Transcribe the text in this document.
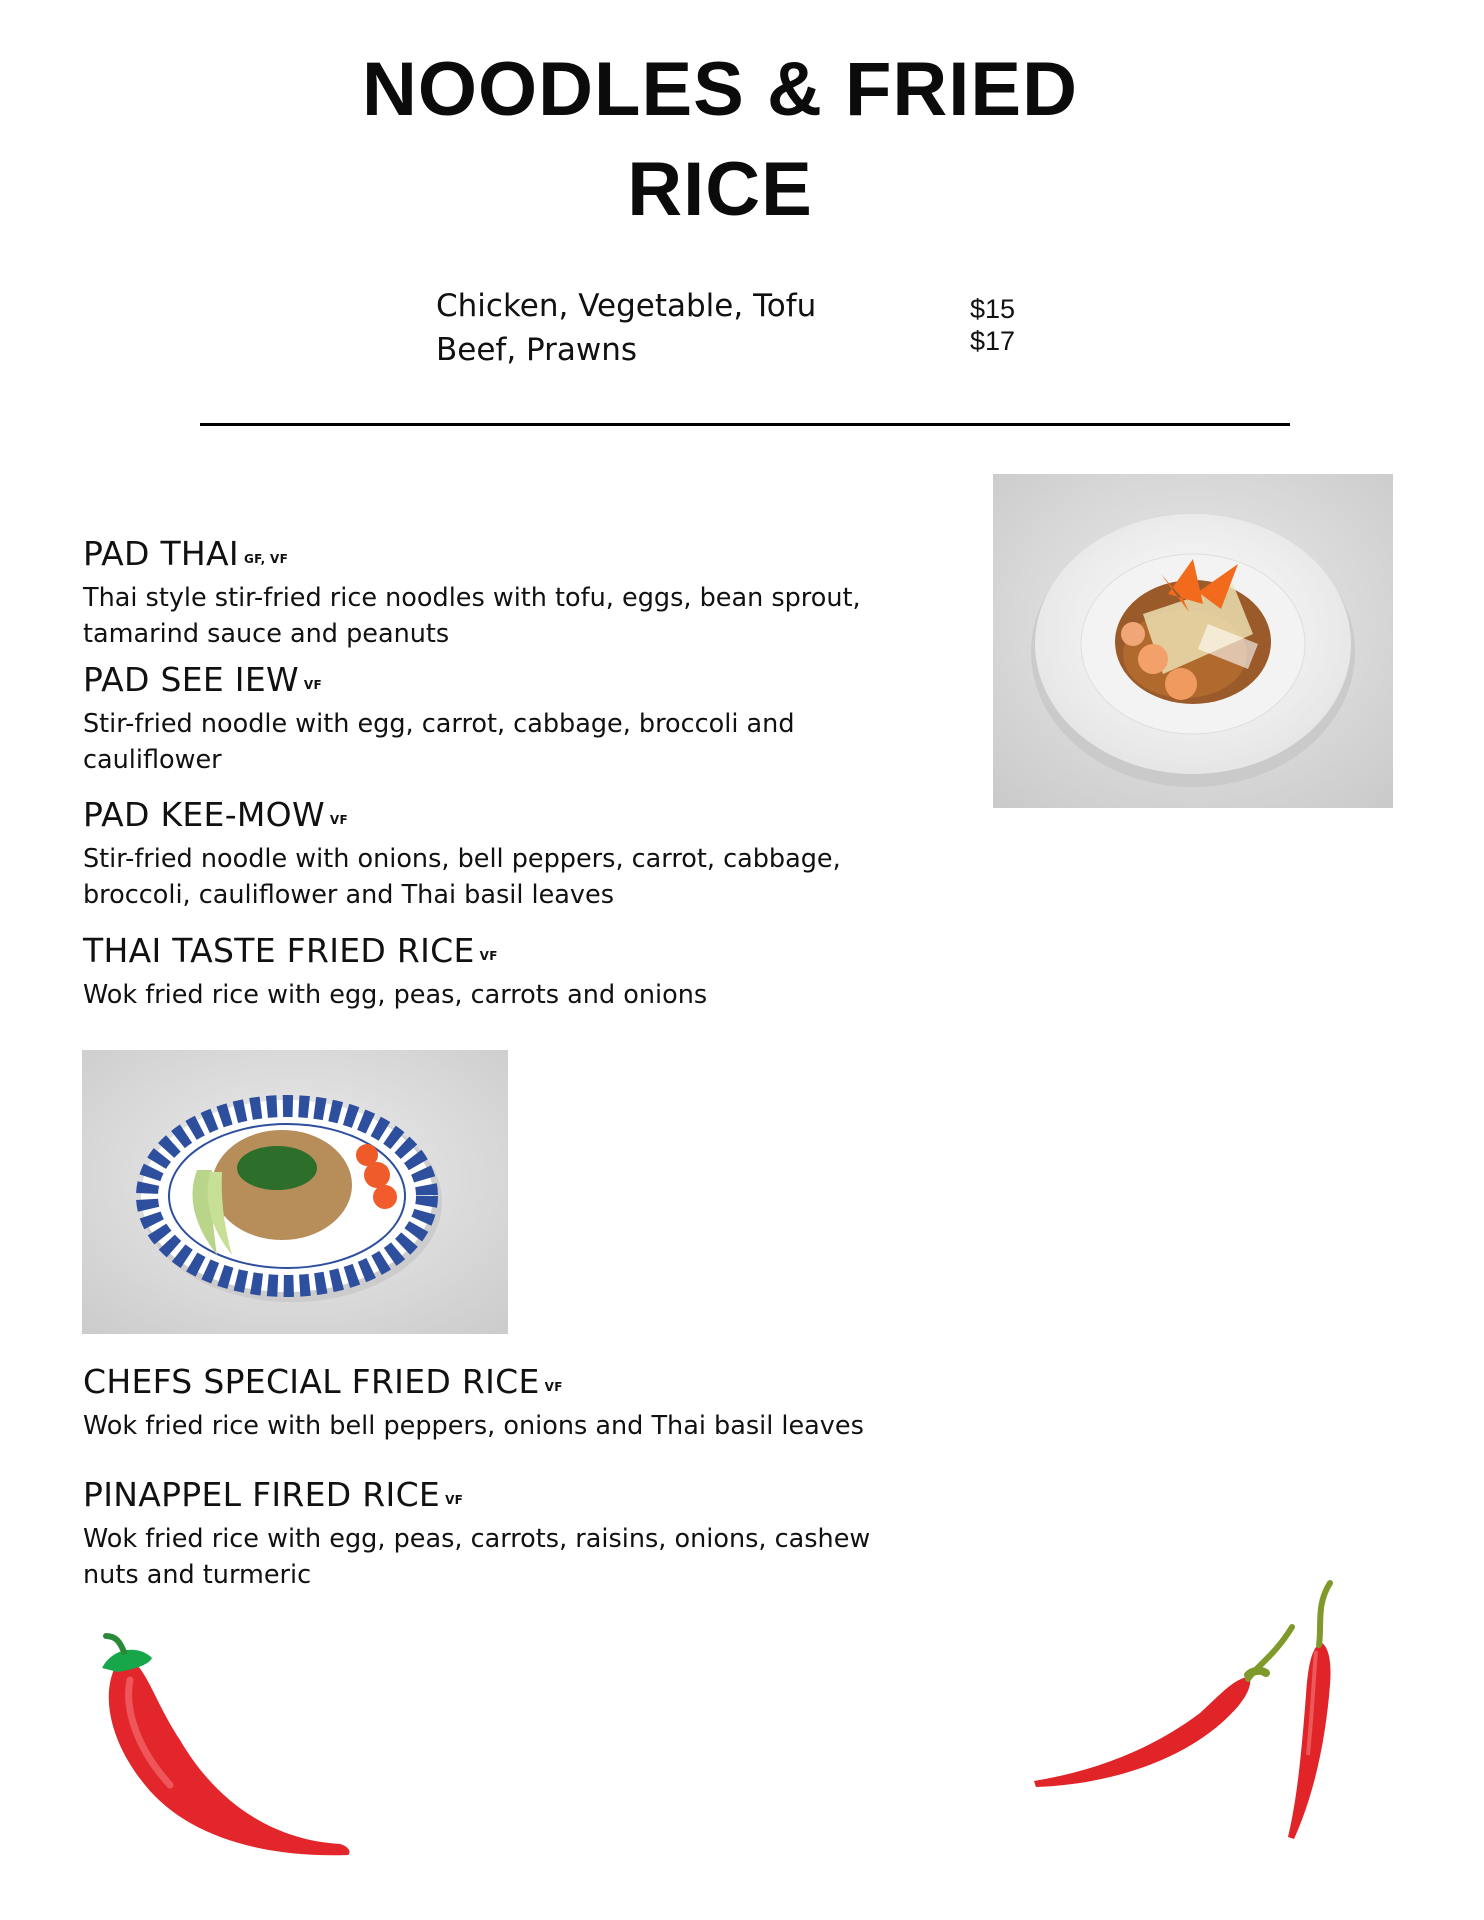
NOODLES & FRIED
RICE
Chicken, Vegetable, Tofu	$15
Beef, Prawns	$17
PAD THAI GF, VF
Thai style stir-fried rice noodles with tofu, eggs, bean sprout, tamarind sauce and peanuts
PAD SEE IEW VF
Stir-fried noodle with egg, carrot, cabbage, broccoli and cauliflower
PAD KEE-MOW VF
Stir-fried noodle with onions, bell peppers, carrot, cabbage, broccoli, cauliflower and Thai basil leaves
THAI TASTE FRIED RICE VF
Wok fried rice with egg, peas, carrots and onions
CHEFS SPECIAL FRIED RICE VF
Wok fried rice with bell peppers, onions and Thai basil leaves
PINAPPEL FIRED RICE VF
Wok fried rice with egg, peas, carrots, raisins, onions, cashew nuts and turmeric
